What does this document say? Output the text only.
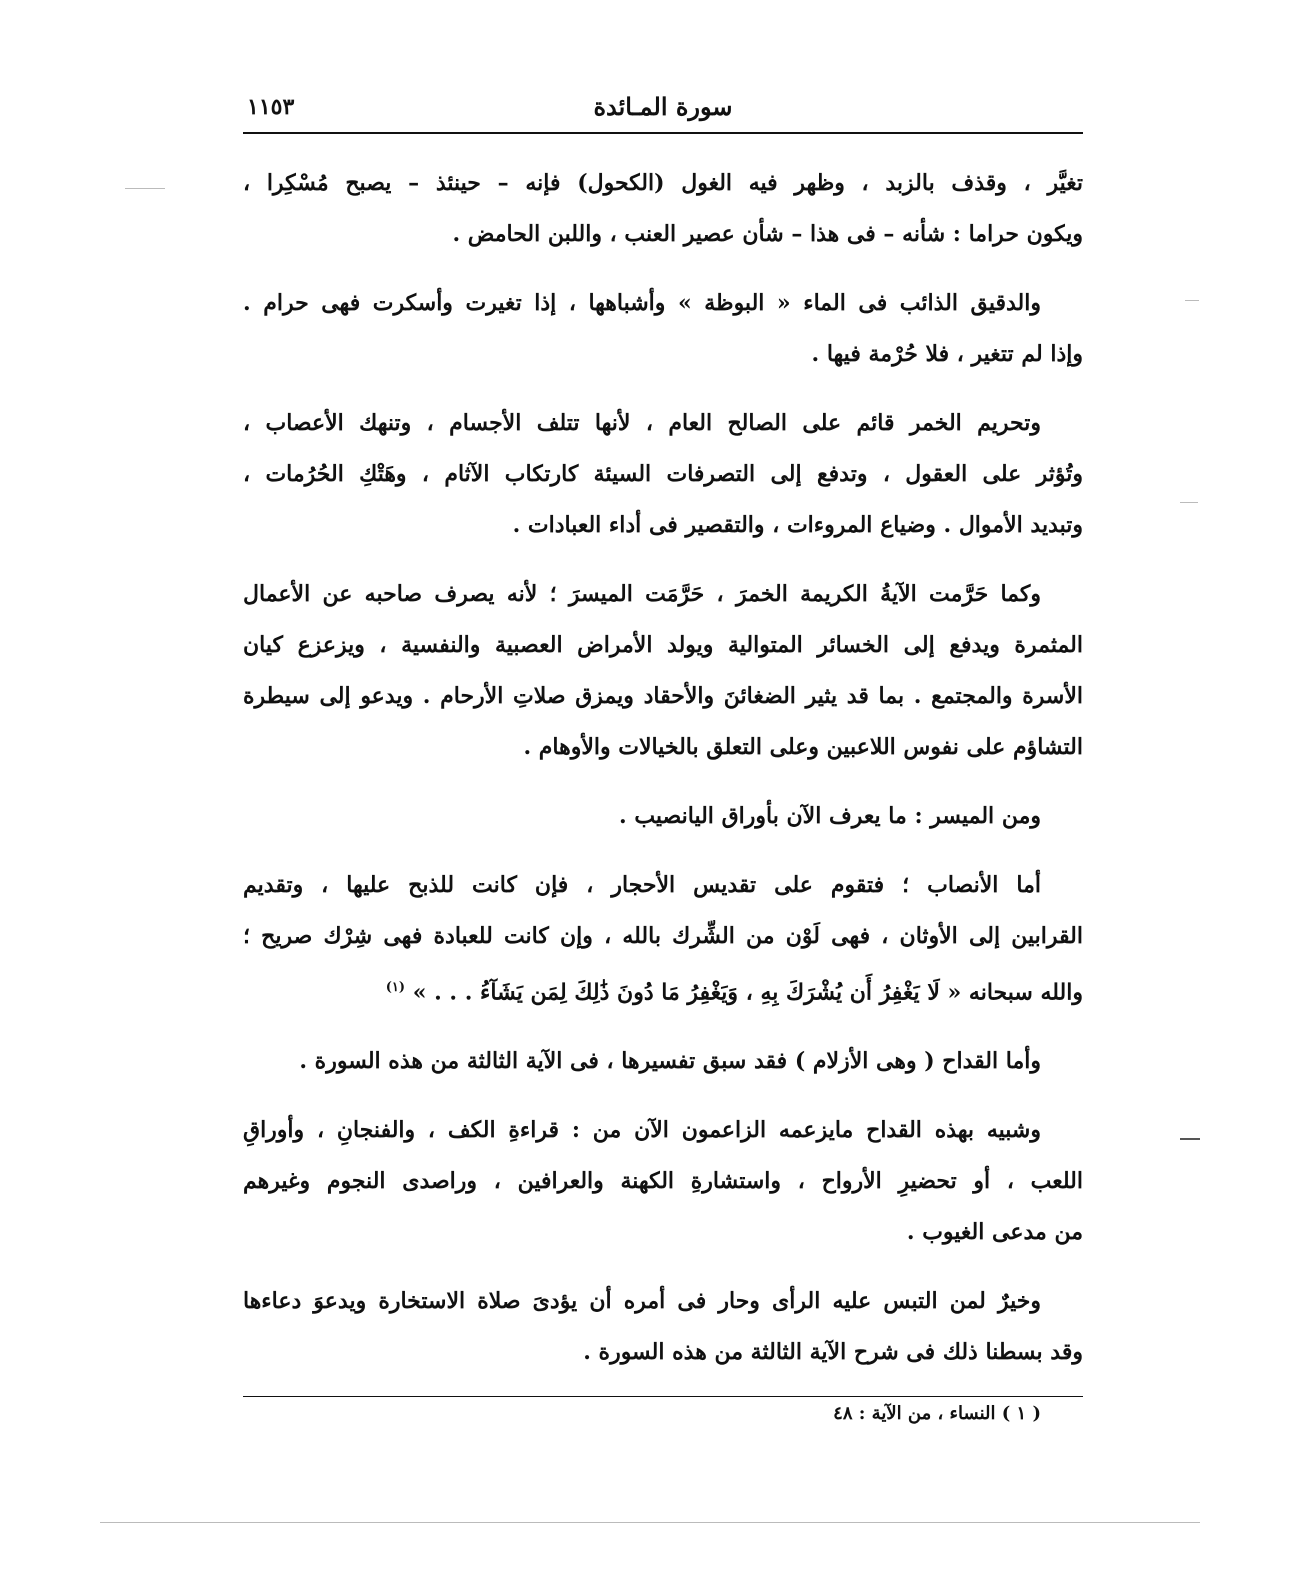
سورة المـائدة
١١٥٣
تغيَّر ، وقذف بالزبد ، وظهر فيه الغول (الكحول) فإنه – حينئذ – يصبح مُسْكِرا ،
ويكون حراما : شأنه – فى هذا – شأن عصير العنب ، واللبن الحامض .
والدقيق الذائب فى الماء « البوظة » وأشباهها ، إذا تغيرت وأسكرت فهى حرام .
وإذا لم تتغير ، فلا حُرْمة فيها .
وتحريم الخمر قائم على الصالح العام ، لأنها تتلف الأجسام ، وتنهك الأعصاب ،
وتُؤثر على العقول ، وتدفع إلى التصرفات السيئة كارتكاب الآثام ، وهَتْكِ الحُرُمات ،
وتبديد الأموال . وضياع المروءات ، والتقصير فى أداء العبادات .
وكما حَرَّمت الآيةُ الكريمة الخمرَ ، حَرَّمَت الميسرَ ؛ لأنه يصرف صاحبه عن الأعمال
المثمرة ويدفع إلى الخسائر المتوالية ويولد الأمراض العصبية والنفسية ، ويزعزع كيان
الأسرة والمجتمع . بما قد يثير الضغائنَ والأحقاد ويمزق صلاتِ الأرحام . ويدعو إلى سيطرة
التشاؤم على نفوس اللاعبين وعلى التعلق بالخيالات والأوهام .
ومن الميسر : ما يعرف الآن بأوراق اليانصيب .
أما الأنصاب ؛ فتقوم على تقديس الأحجار ، فإن كانت للذبح عليها ، وتقديم
القرابين إلى الأوثان ، فهى لَوْن من الشِّرك بالله ، وإن كانت للعبادة فهى شِرْك صريح ؛
والله سبحانه « لَا يَغْفِرُ أَن يُشْرَكَ بِهِ ، وَيَغْفِرُ مَا دُونَ ذَٰلِكَ لِمَن يَشَآءُ . . . » $^{(١)}$
وأما القداح ( وهى الأزلام ) فقد سبق تفسيرها ، فى الآية الثالثة من هذه السورة .
وشبيه بهذه القداح مايزعمه الزاعمون الآن من : قراءةِ الكف ، والفنجانِ ، وأوراقِ
اللعب ، أو تحضيرِ الأرواح ، واستشارةِ الكهنة والعرافين ، وراصدى النجوم وغيرهم
من مدعى الغيوب .
وخيرٌ لمن التبس عليه الرأى وحار فى أمره أن يؤدىَ صلاة الاستخارة ويدعوَ دعاءها
وقد بسطنا ذلك فى شرح الآية الثالثة من هذه السورة .
( ١ ) النساء ، من الآية : ٤٨
